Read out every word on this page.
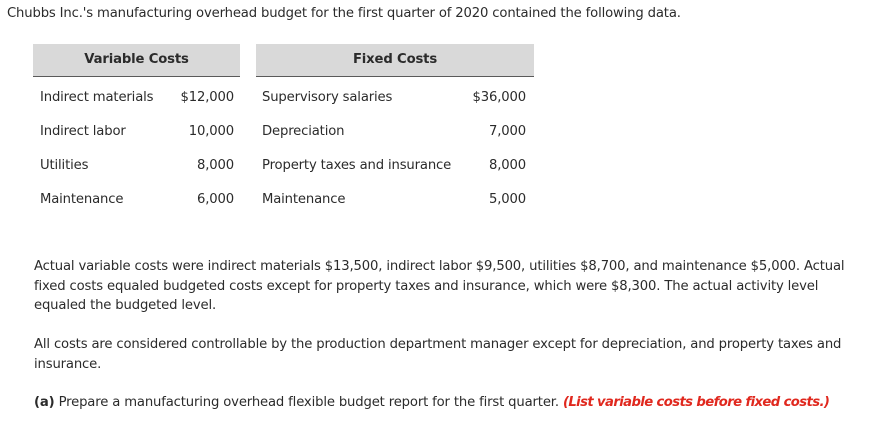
Chubbs Inc.'s manufacturing overhead budget for the first quarter of 2020 contained the following data.

Variable Costs	Fixed Costs
Indirect materials	$12,000 Supervisory salaries	$36,000
Indirect labor	10,000 Depreciation	7,000
Utilities	8,000 Property taxes and insurance	8,000
Maintenance	6,000 Maintenance	5,000

Actual variable costs were indirect materials $13,500, indirect labor $9,500, utilities $8,700, and maintenance $5,000. Actual fixed costs equaled budgeted costs except for property taxes and insurance, which were $8,300. The actual activity level equaled the budgeted level.

All costs are considered controllable by the production department manager except for depreciation, and property taxes and insurance.

(a) Prepare a manufacturing overhead flexible budget report for the first quarter. (List variable costs before fixed costs.)
